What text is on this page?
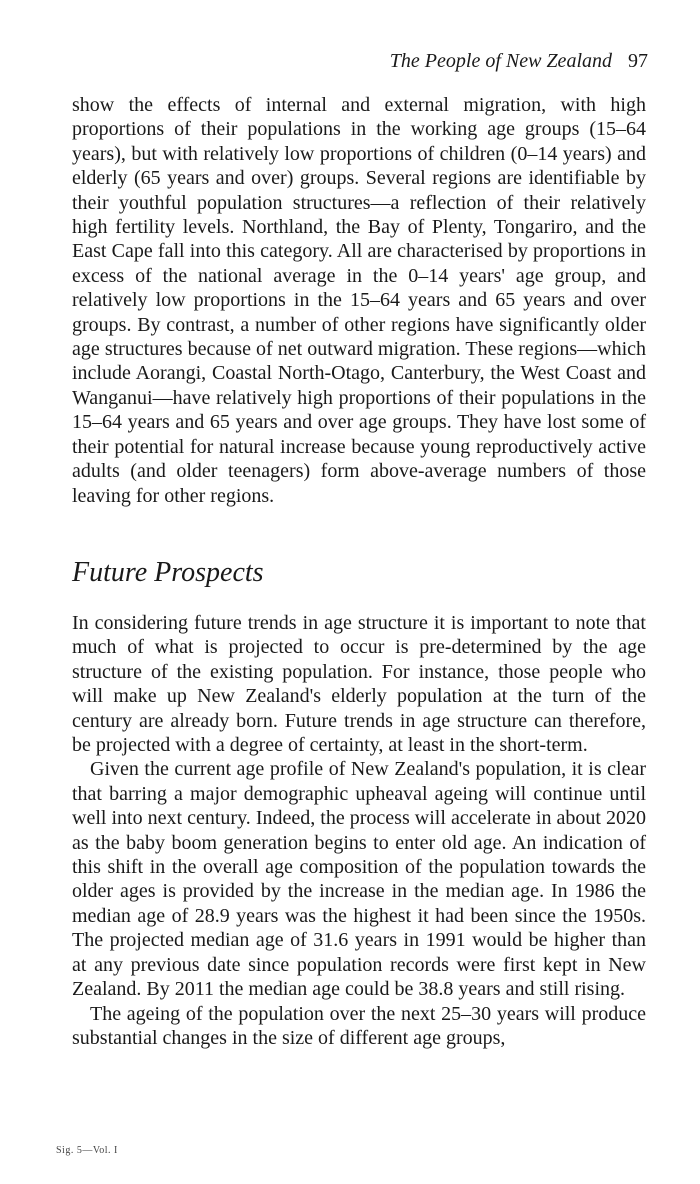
The People of New Zealand 97

show the effects of internal and external migration, with high proportions of their populations in the working age groups (15–64 years), but with relatively low proportions of children (0–14 years) and elderly (65 years and over) groups. Several regions are identifiable by their youthful population structures—a reflection of their relatively high fertility levels. Northland, the Bay of Plenty, Tongariro, and the East Cape fall into this category. All are characterised by proportions in excess of the national average in the 0–14 years' age group, and relatively low proportions in the 15–64 years and 65 years and over groups. By contrast, a number of other regions have significantly older age structures because of net outward migration. These regions—which include Aorangi, Coastal North-Otago, Canterbury, the West Coast and Wanganui—have relatively high proportions of their populations in the 15–64 years and 65 years and over age groups. They have lost some of their potential for natural increase because young reproductively active adults (and older teenagers) form above-average numbers of those leaving for other regions.

Future Prospects

In considering future trends in age structure it is important to note that much of what is projected to occur is pre-determined by the age structure of the existing population. For instance, those people who will make up New Zealand's elderly population at the turn of the century are already born. Future trends in age structure can therefore, be projected with a degree of certainty, at least in the short-term.

Given the current age profile of New Zealand's population, it is clear that barring a major demographic upheaval ageing will continue until well into next century. Indeed, the process will accelerate in about 2020 as the baby boom generation begins to enter old age. An indication of this shift in the overall age composition of the population towards the older ages is provided by the increase in the median age. In 1986 the median age of 28.9 years was the highest it had been since the 1950s. The projected median age of 31.6 years in 1991 would be higher than at any previous date since population records were first kept in New Zealand. By 2011 the median age could be 38.8 years and still rising.

The ageing of the population over the next 25–30 years will produce substantial changes in the size of different age groups,

Sig. 5—Vol. I
